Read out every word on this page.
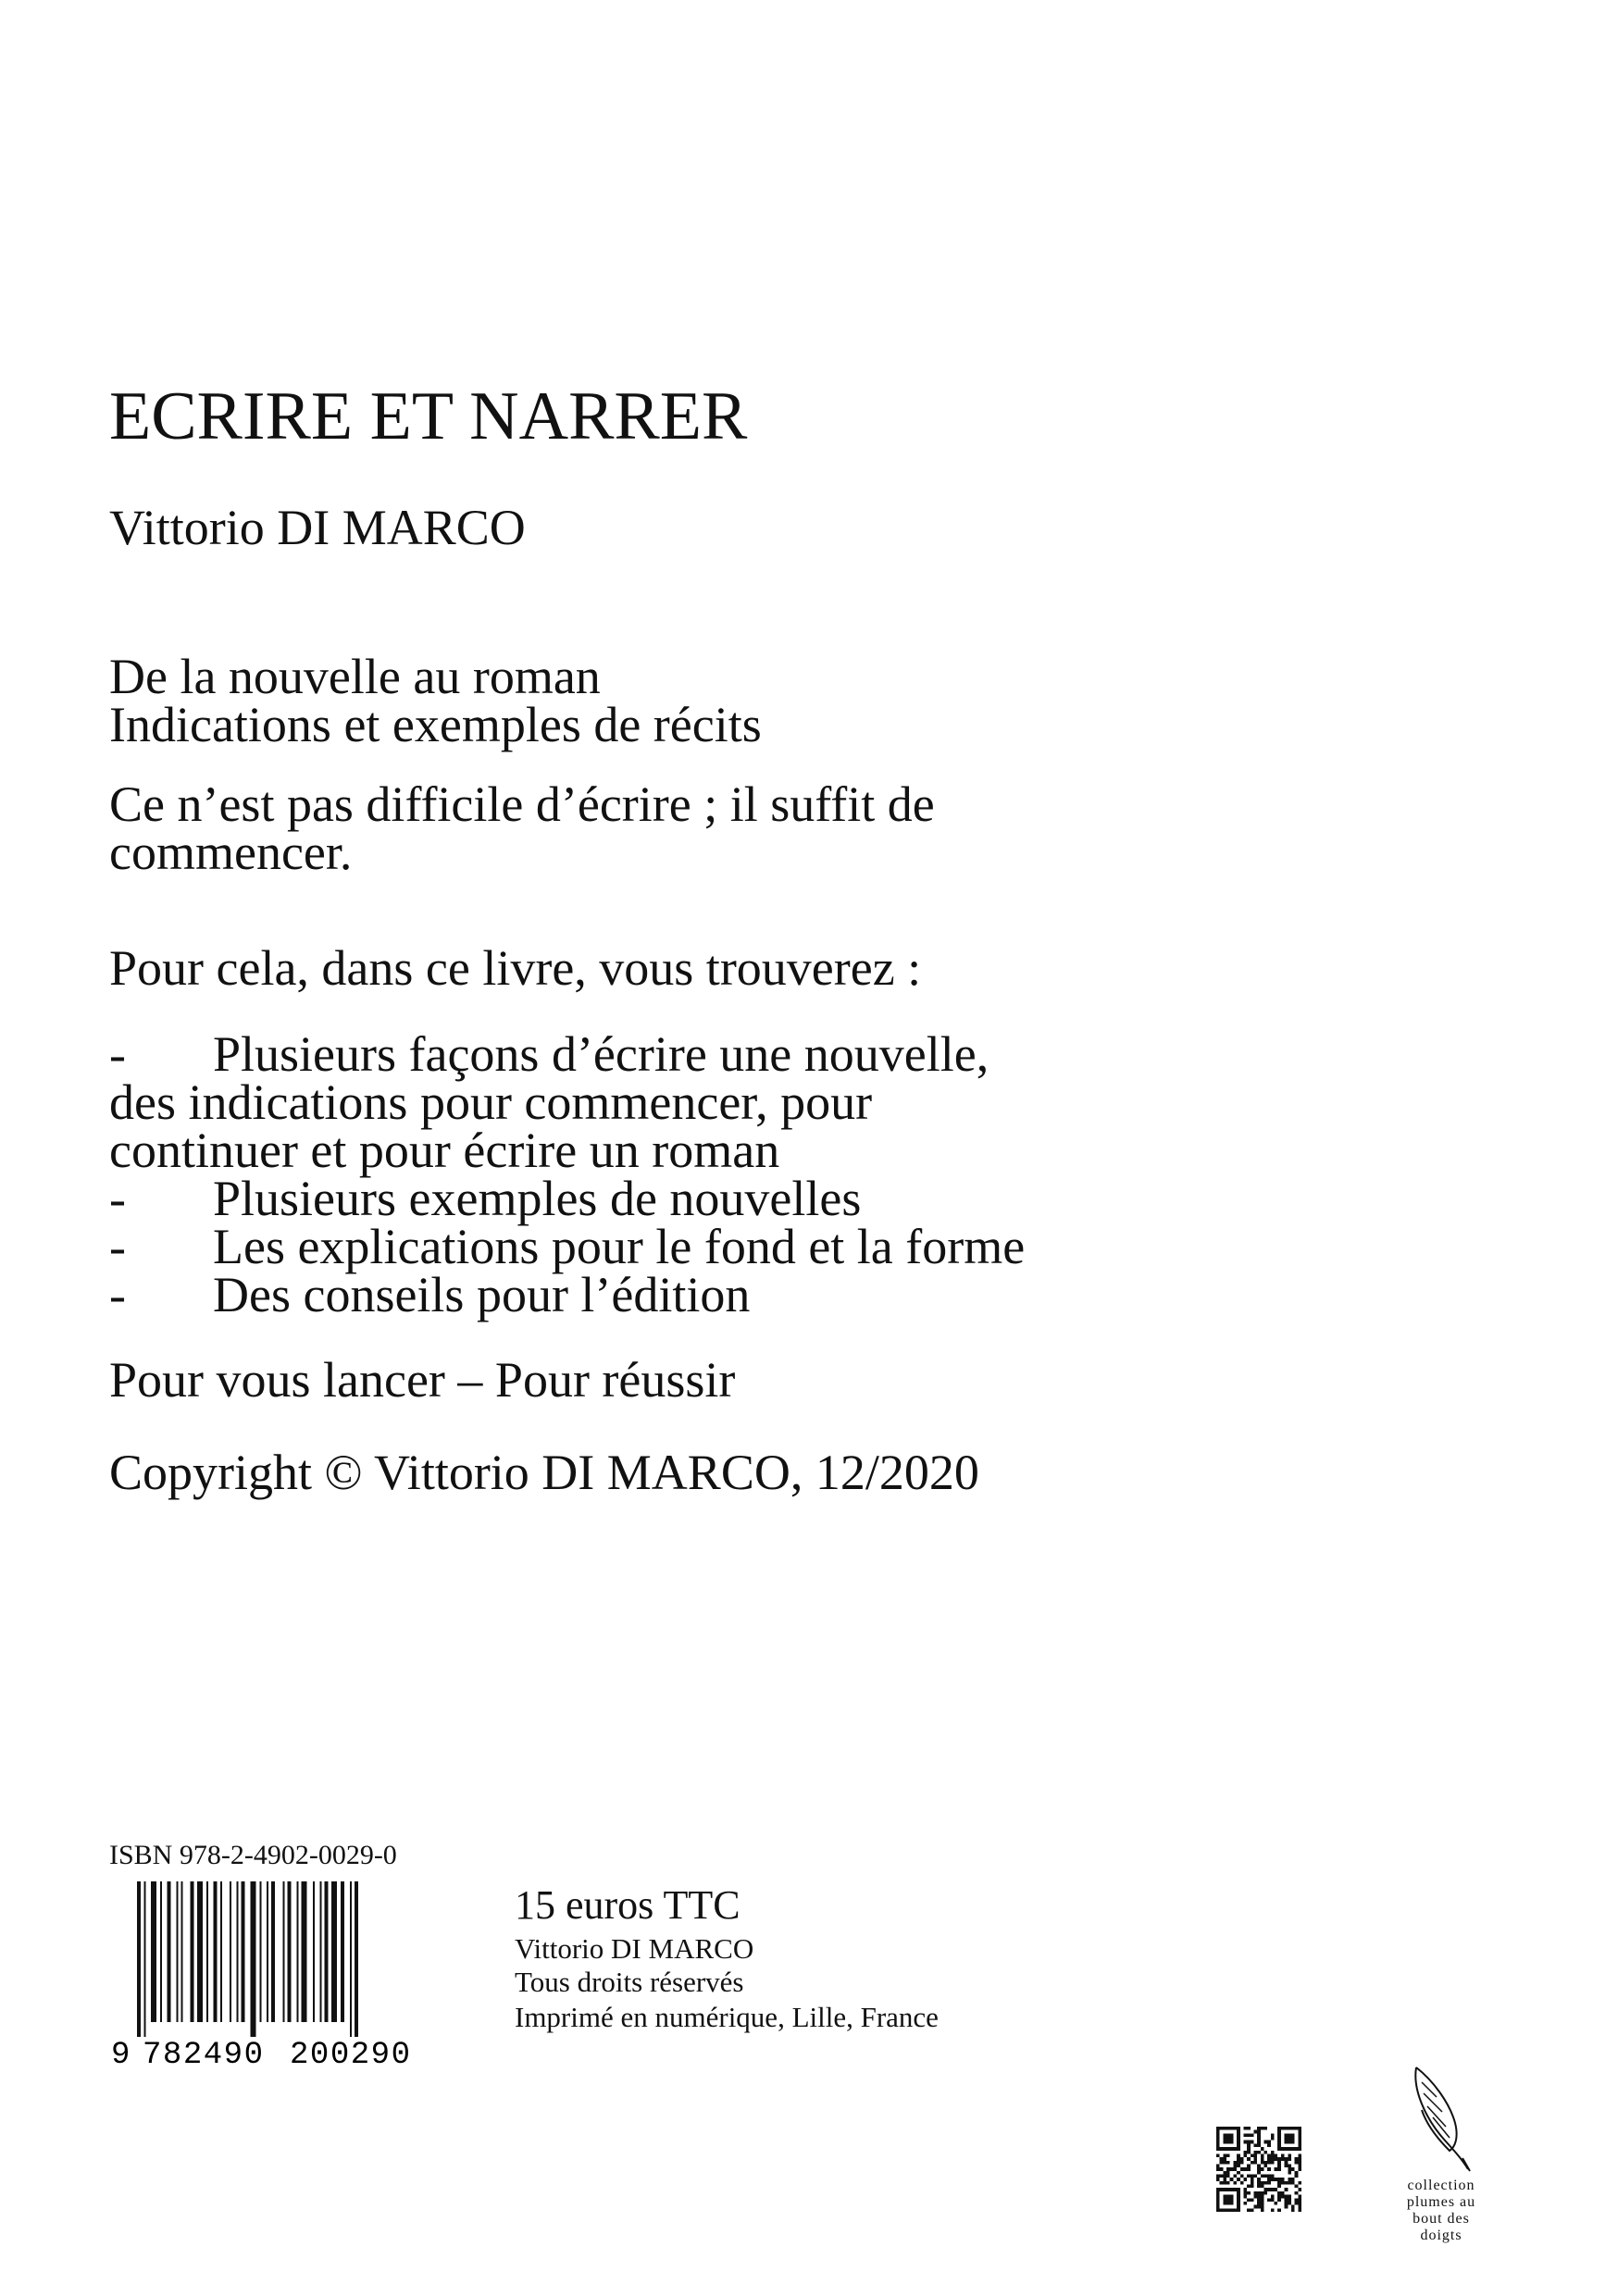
ECRIRE ET NARRER
Vittorio DI MARCO
De la nouvelle au roman
Indications et exemples de récits
Ce n’est pas difficile d’écrire ; il suffit de
commencer.
Pour cela, dans ce livre, vous trouverez :
-	Plusieurs façons d’écrire une nouvelle,
des indications pour commencer, pour
continuer et pour écrire un roman
-	Plusieurs exemples de nouvelles
-	Les explications pour le fond et la forme
-	Des conseils pour l’édition
Pour vous lancer – Pour réussir
Copyright © Vittorio DI MARCO, 12/2020
ISBN 978-2-4902-0029-0
9 782490 200290
15 euros TTC
Vittorio DI MARCO
Tous droits réservés
Imprimé en numérique, Lille, France
collection
plumes au
bout des
doigts
